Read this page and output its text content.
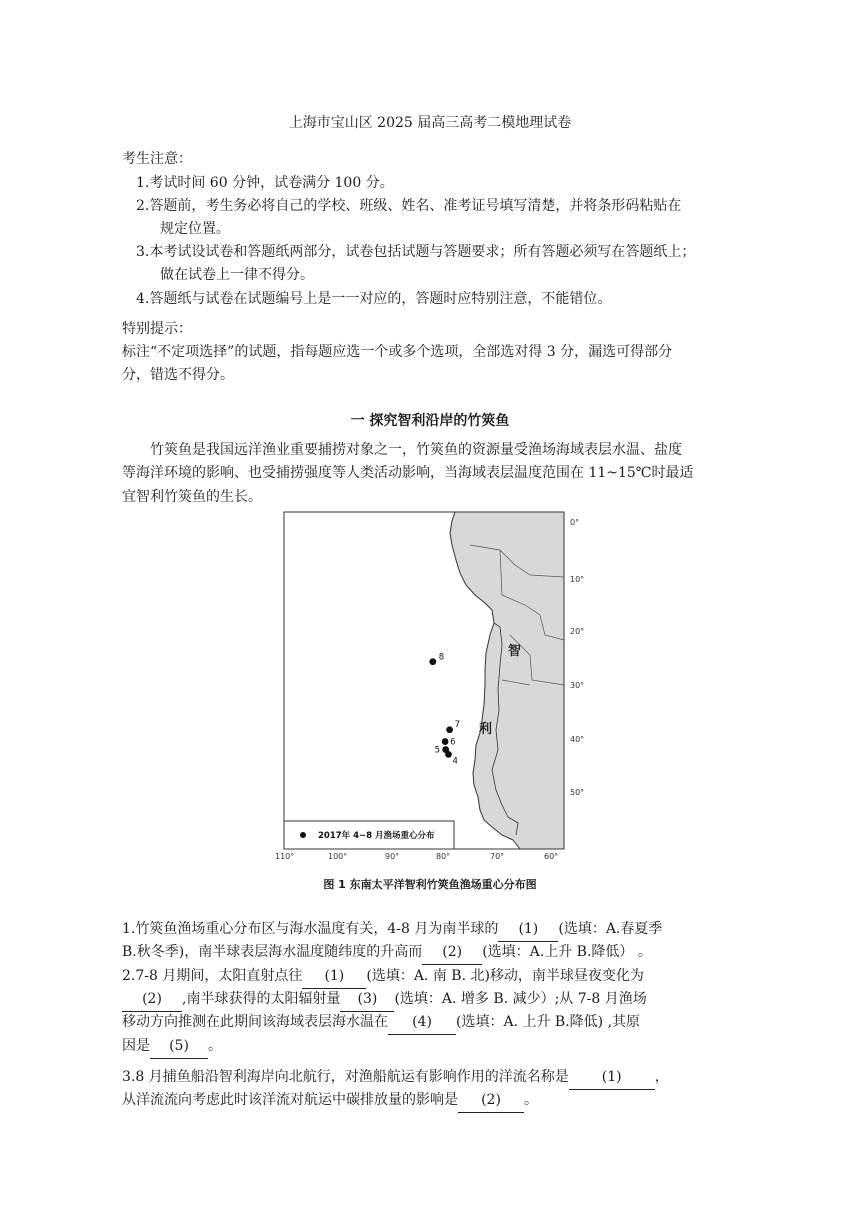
上海市宝山区 2025 届高三高考二模地理试卷
考生注意：
1.考试时间 60 分钟，试卷满分 100 分。
2.答题前，考生务必将自己的学校、班级、姓名、准考证号填写清楚，并将条形码粘贴在
规定位置。
3.本考试设试卷和答题纸两部分，试卷包括试题与答题要求；所有答题必须写在答题纸上；
做在试卷上一律不得分。
4.答题纸与试卷在试题编号上是一一对应的，答题时应特别注意，不能错位。
特别提示：
标注“不定项选择”的试题，指每题应选一个或多个选项，全部选对得 3 分，漏选可得部分
分，错选不得分。
一 探究智利沿岸的竹筴鱼
竹筴鱼是我国远洋渔业重要捕捞对象之一，竹筴鱼的资源量受渔场海域表层水温、盐度
等海洋环境的影响、也受捕捞强度等人类活动影响，当海域表层温度范围在 11~15℃时最适
宜智利竹筴鱼的生长。
0°
10°
20°
30°
40°
50°
110°	100°	90°	80°	70°	60°
智
利
8
7
6
5
4
2017年 4~8 月渔场重心分布
图 1 东南太平洋智利竹筴鱼渔场重心分布图
1.竹筴鱼渔场重心分布区与海水温度有关，4-8 月为南半球的 (1) (选填：A.春夏季
B.秋冬季)，南半球表层海水温度随纬度的升高而 (2) (选填：A.上升 B.降低） 。
2.7-8 月期间，太阳直射点往 (1) (选填：A. 南 B. 北)移动，南半球昼夜变化为
(2) ,南半球获得的太阳辐射量 (3) (选填：A. 增多 B. 减少）;从 7-8 月渔场
移动方向推测在此期间该海域表层海水温在 (4) (选填：A. 上升 B.降低) ,其原
因是 (5) 。
3.8 月捕鱼船沿智利海岸向北航行，对渔船航运有影响作用的洋流名称是 (1) ，
从洋流流向考虑此时该洋流对航运中碳排放量的影响是 (2) 。
